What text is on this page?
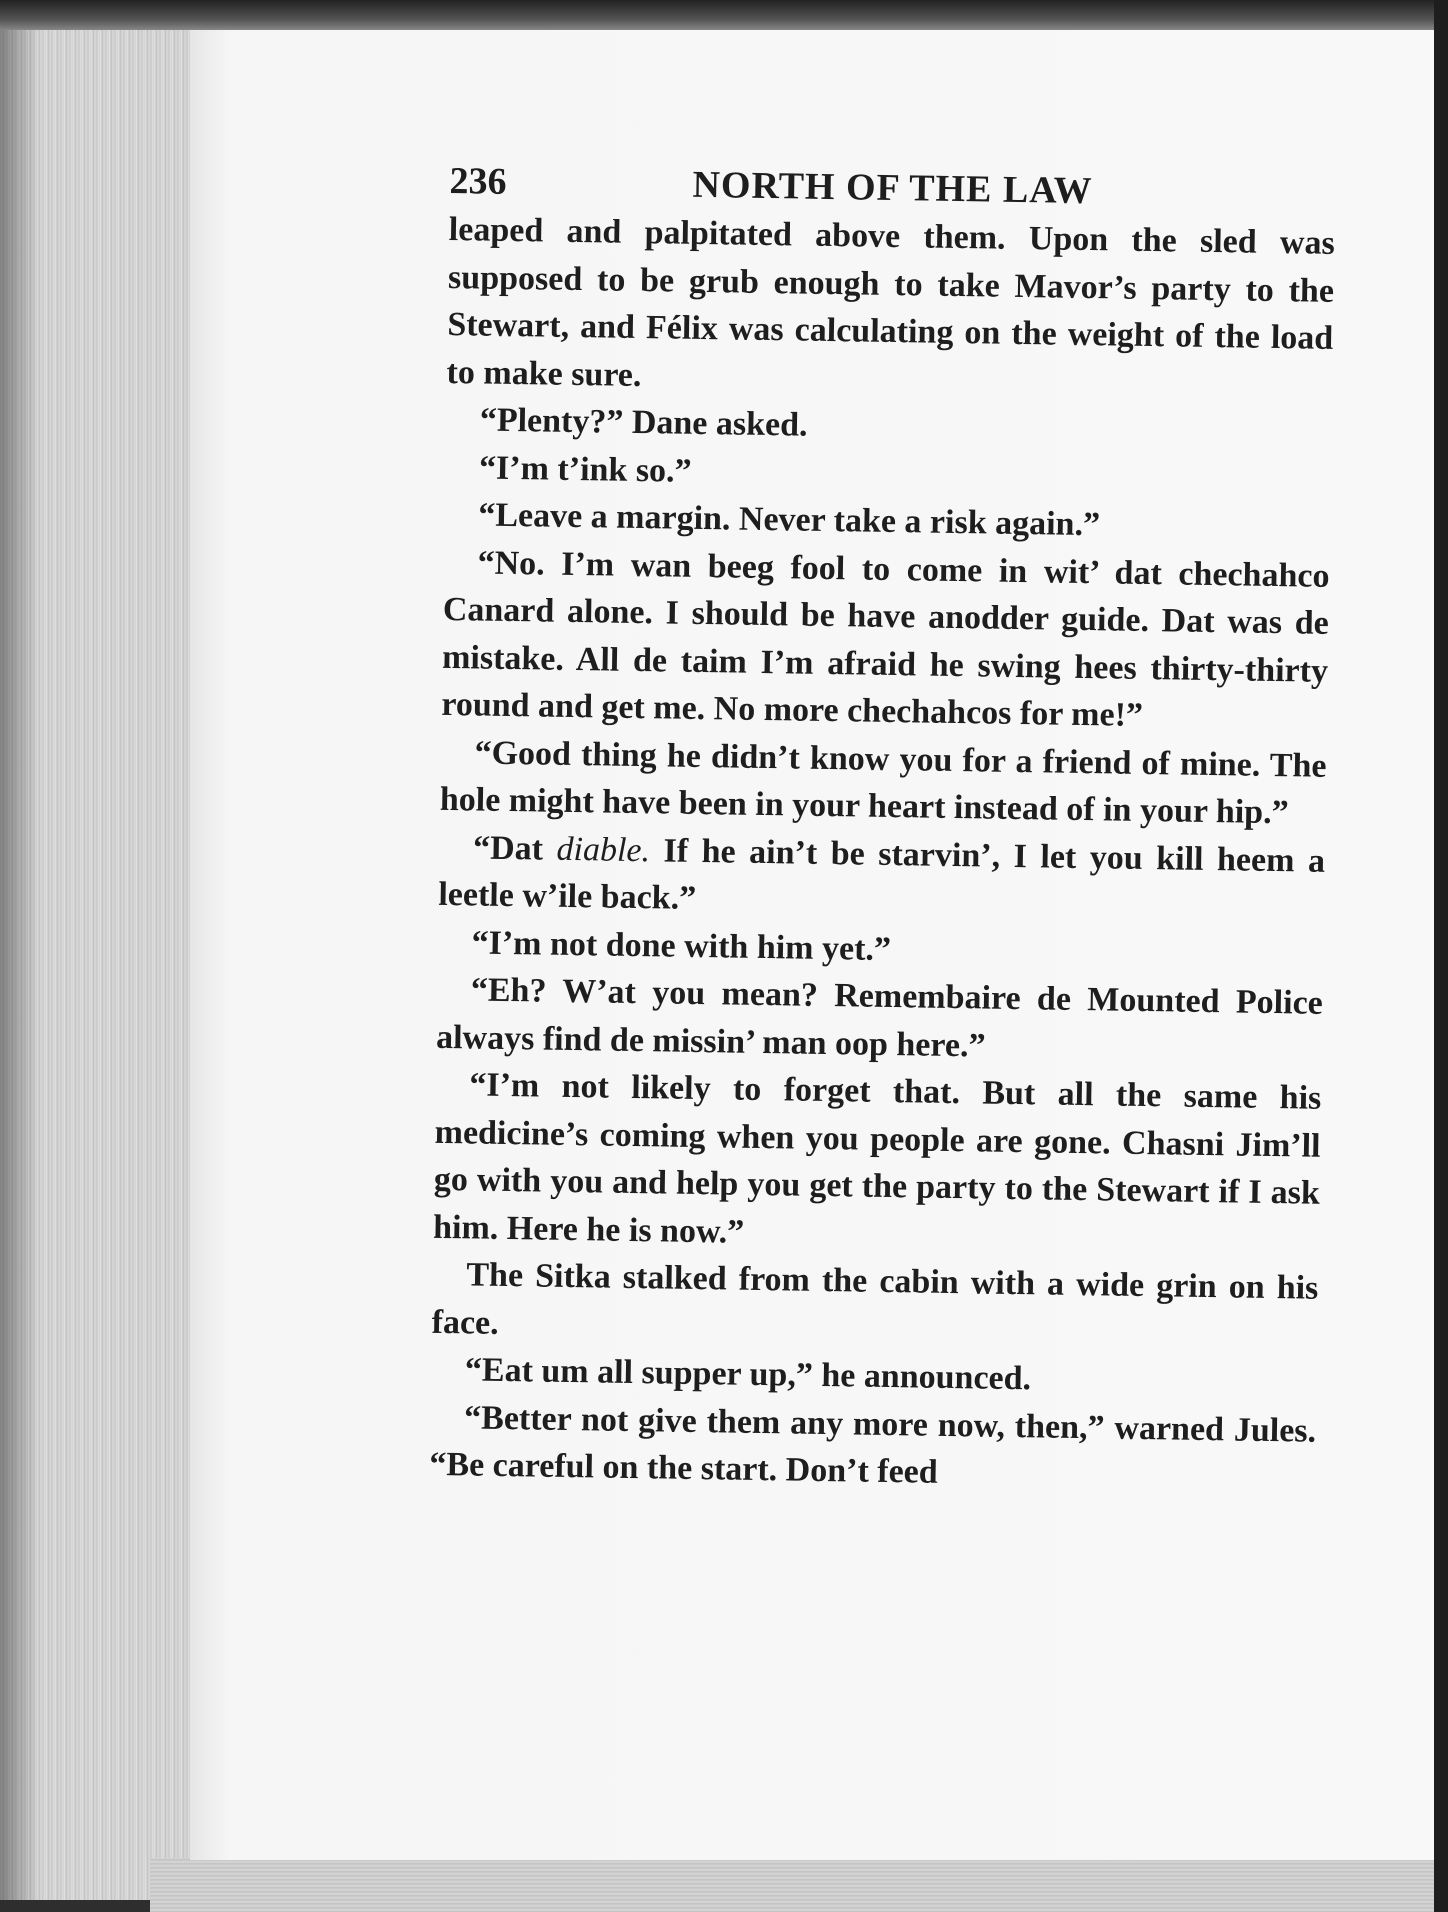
236	NORTH OF THE LAW

leaped and palpitated above them. Upon the sled was supposed to be grub enough to take Mavor’s party to the Stewart, and Félix was calculating on the weight of the load to make sure.

“Plenty?” Dane asked.

“I’m t’ink so.”

“Leave a margin. Never take a risk again.”

“No. I’m wan beeg fool to come in wit’ dat chechahco Canard alone. I should be have anodder guide. Dat was de mistake. All de taim I’m afraid he swing hees thirty-thirty round and get me. No more chechahcos for me!”

“Good thing he didn’t know you for a friend of mine. The hole might have been in your heart instead of in your hip.”

“Dat diable. If he ain’t be starvin’, I let you kill heem a leetle w’ile back.”

“I’m not done with him yet.”

“Eh? W’at you mean? Remembaire de Mounted Police always find de missin’ man oop here.”

“I’m not likely to forget that. But all the same his medicine’s coming when you people are gone. Chasni Jim’ll go with you and help you get the party to the Stewart if I ask him. Here he is now.”

The Sitka stalked from the cabin with a wide grin on his face.

“Eat um all supper up,” he announced.

“Better not give them any more now, then,” warned Jules. “Be careful on the start. Don’t feed
